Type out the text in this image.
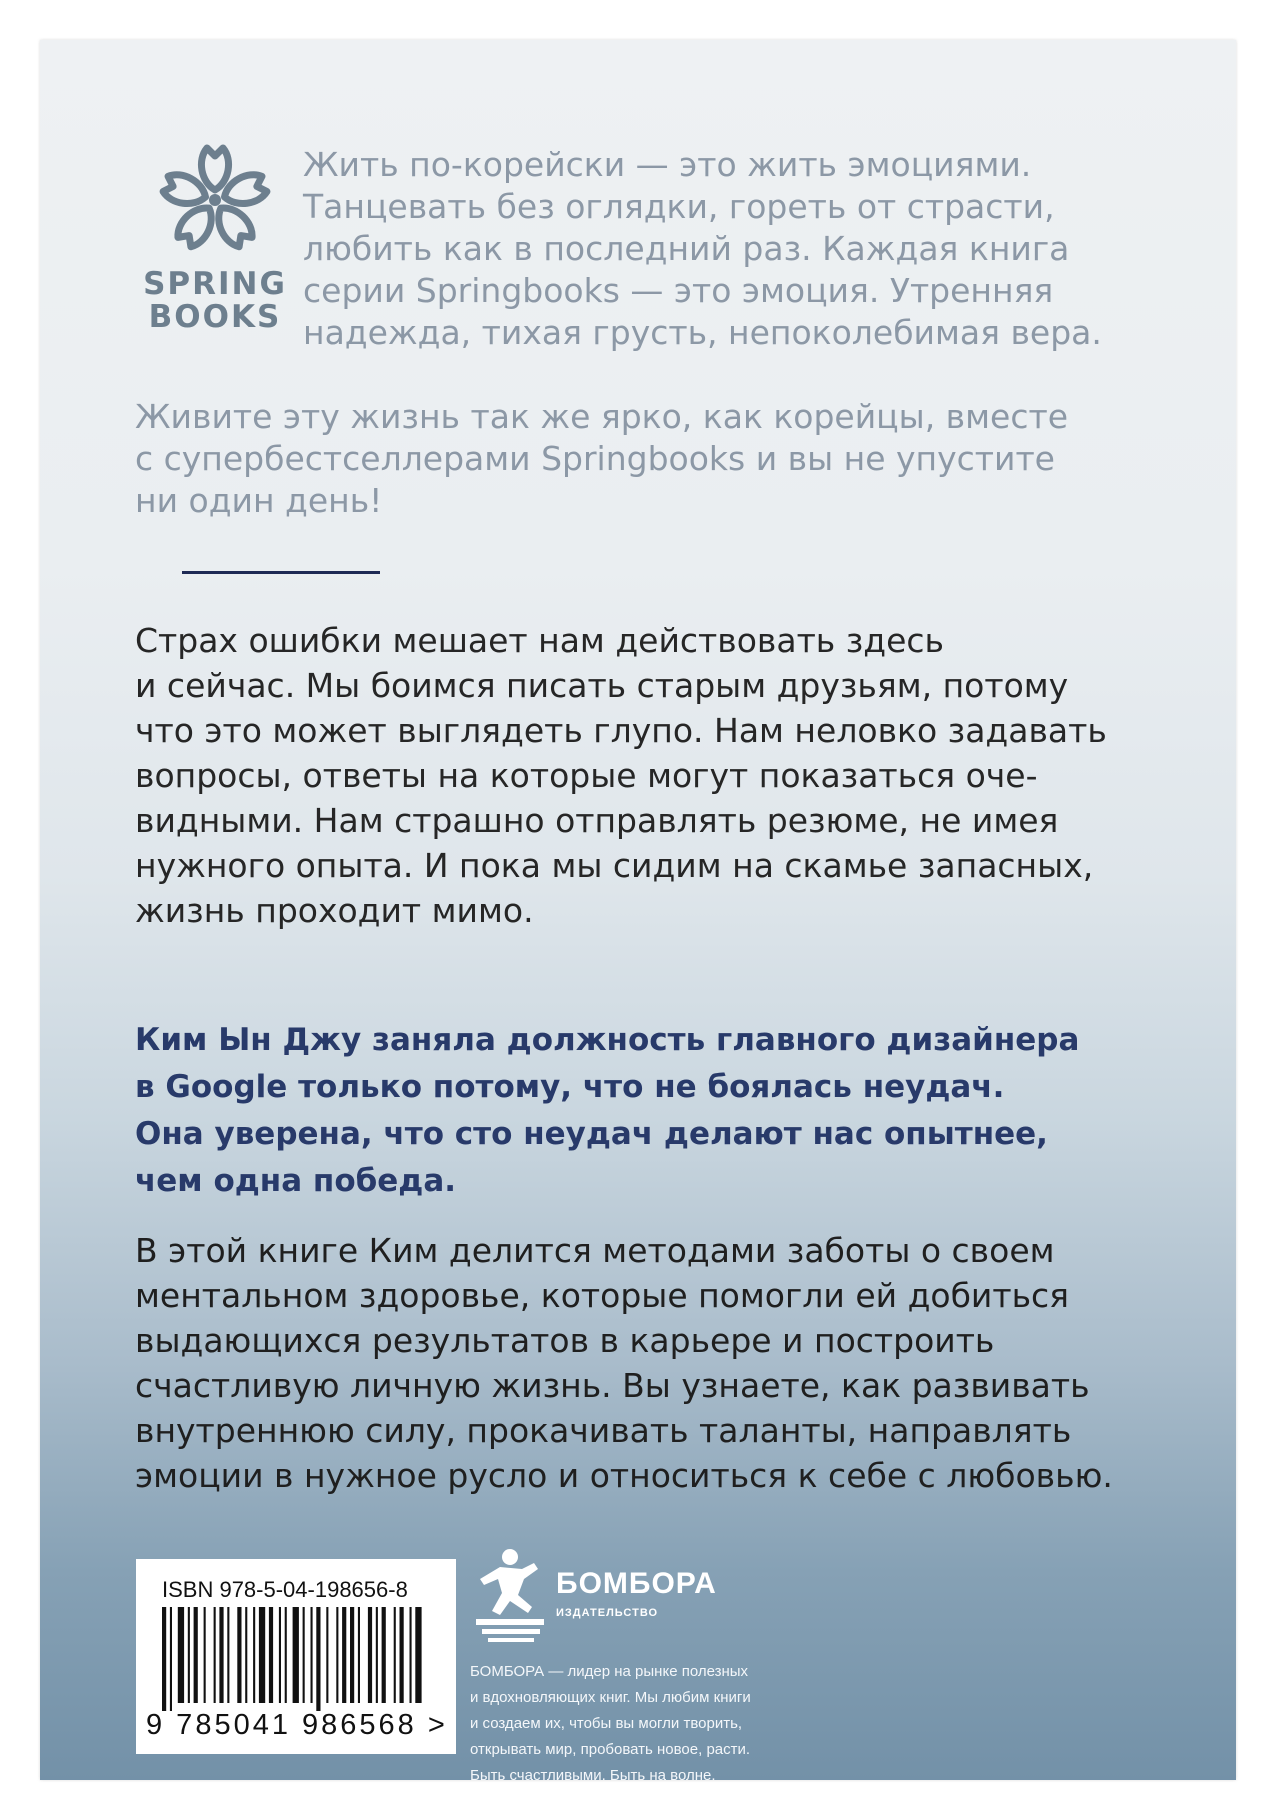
SPRING
BOOKS

Жить по-корейски — это жить эмоциями.
Танцевать без оглядки, гореть от страсти,
любить как в последний раз. Каждая книга
серии Springbooks — это эмоция. Утренняя
надежда, тихая грусть, непоколебимая вера.

Живите эту жизнь так же ярко, как корейцы, вместе
с супербестселлерами Springbooks и вы не упустите
ни один день!

Страх ошибки мешает нам действовать здесь
и сейчас. Мы боимся писать старым друзьям, потому
что это может выглядеть глупо. Нам неловко задавать
вопросы, ответы на которые могут показаться оче-
видными. Нам страшно отправлять резюме, не имея
нужного опыта. И пока мы сидим на скамье запасных,
жизнь проходит мимо.

Ким Ын Джу заняла должность главного дизайнера
в Google только потому, что не боялась неудач.
Она уверена, что сто неудач делают нас опытнее,
чем одна победа.

В этой книге Ким делится методами заботы о своем
ментальном здоровье, которые помогли ей добиться
выдающихся результатов в карьере и построить
счастливую личную жизнь. Вы узнаете, как развивать
внутреннюю силу, прокачивать таланты, направлять
эмоции в нужное русло и относиться к себе с любовью.

ISBN 978-5-04-198656-8
9 785041 986568 >
БОМБОРА
ИЗДАТЕЛЬСТВО
БОМБОРА — лидер на рынке полезных
и вдохновляющих книг. Мы любим книги
и создаем их, чтобы вы могли творить,
открывать мир, пробовать новое, расти.
Быть счастливыми. Быть на волне.
